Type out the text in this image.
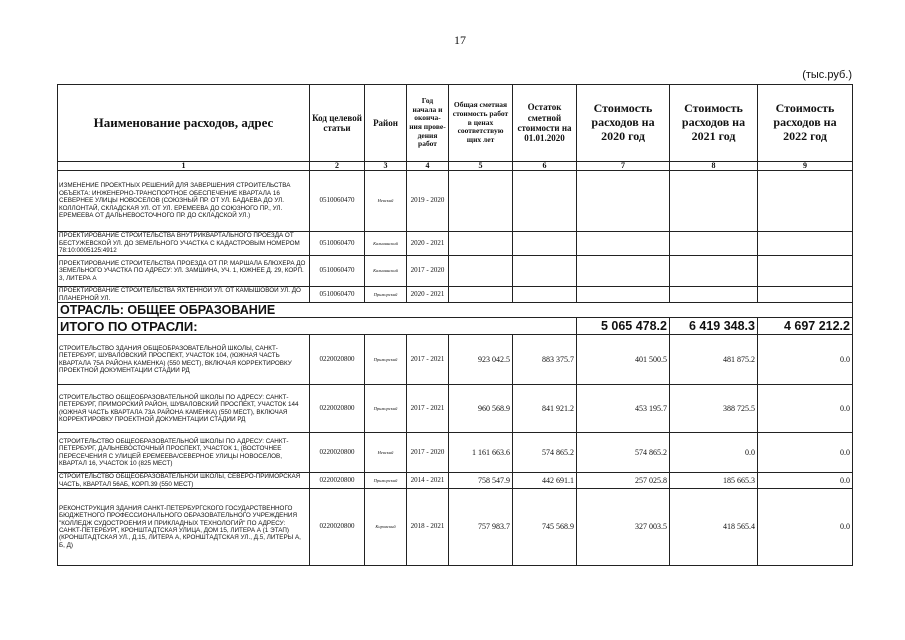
17
(тыс.руб.)
Наименование расходов, адрес	Код целевой статьи	Район	Год начала и оконча- ния прове- дения работ	Общая сметная стоимость работ в ценах соответствую щих лет	Остаток сметной стоимости на 01.01.2020	Стоимость расходов на 2020 год	Стоимость расходов на 2021 год	Стоимость расходов на 2022 год
1	2	3	4	5	6	7	8	9
ИЗМЕНЕНИЕ ПРОЕКТНЫХ РЕШЕНИЙ ДЛЯ ЗАВЕРШЕНИЯ СТРОИТЕЛЬСТВА ОБЪЕКТА: ИНЖЕНЕРНО-ТРАНСПОРТНОЕ ОБЕСПЕЧЕНИЕ КВАРТАЛА 16 СЕВЕРНЕЕ УЛИЦЫ НОВОСЕЛОВ (СОЮЗНЫЙ ПР. ОТ УЛ. БАДАЕВА ДО УЛ. КОЛЛОНТАЙ, СКЛАДСКАЯ УЛ. ОТ УЛ. ЕРЕМЕЕВА ДО СОЮЗНОГО ПР., УЛ. ЕРЕМЕЕВА ОТ ДАЛЬНЕВОСТОЧНОГО ПР. ДО СКЛАДСКОЙ УЛ.)	0510060470	Невский	2019 - 2020					
ПРОЕКТИРОВАНИЕ СТРОИТЕЛЬСТВА ВНУТРИКВАРТАЛЬНОГО ПРОЕЗДА ОТ БЕСТУЖЕВСКОЙ УЛ. ДО ЗЕМЕЛЬНОГО УЧАСТКА С КАДАСТРОВЫМ НОМЕРОМ 78:10:0005125:4912	0510060470	Калининский	2020 - 2021					
ПРОЕКТИРОВАНИЕ СТРОИТЕЛЬСТВА ПРОЕЗДА ОТ ПР. МАРШАЛА БЛЮХЕРА ДО ЗЕМЕЛЬНОГО УЧАСТКА ПО АДРЕСУ: УЛ. ЗАМШИНА, УЧ. 1, ЮЖНЕЕ Д. 29, КОРП. 3, ЛИТЕРА А	0510060470	Калининский	2017 - 2020					
ПРОЕКТИРОВАНИЕ СТРОИТЕЛЬСТВА ЯХТЕННОЙ УЛ. ОТ КАМЫШОВОЙ УЛ. ДО ПЛАНЕРНОЙ УЛ.	0510060470	Приморский	2020 - 2021					
ОТРАСЛЬ: ОБЩЕЕ ОБРАЗОВАНИЕ								
ИТОГО ПО ОТРАСЛИ:						5 065 478.2	6 419 348.3	4 697 212.2
СТРОИТЕЛЬСТВО ЗДАНИЯ ОБЩЕОБРАЗОВАТЕЛЬНОЙ ШКОЛЫ, САНКТ-ПЕТЕРБУРГ, ШУВАЛОВСКИЙ ПРОСПЕКТ, УЧАСТОК 104, (ЮЖНАЯ ЧАСТЬ КВАРТАЛА 75А РАЙОНА КАМЕНКА) (550 МЕСТ), ВКЛЮЧАЯ КОРРЕКТИРОВКУ ПРОЕКТНОЙ ДОКУМЕНТАЦИИ СТАДИИ РД	0220020800	Приморский	2017 - 2021	923 042.5	883 375.7	401 500.5	481 875.2	0.0
СТРОИТЕЛЬСТВО ОБЩЕОБРАЗОВАТЕЛЬНОЙ ШКОЛЫ ПО АДРЕСУ: САНКТ-ПЕТЕРБУРГ, ПРИМОРСКИЙ РАЙОН, ШУВАЛОВСКИЙ ПРОСПЕКТ, УЧАСТОК 144 (ЮЖНАЯ ЧАСТЬ КВАРТАЛА 73А РАЙОНА КАМЕНКА) (550 МЕСТ), ВКЛЮЧАЯ КОРРЕКТИРОВКУ ПРОЕКТНОЙ ДОКУМЕНТАЦИИ СТАДИИ РД	0220020800	Приморский	2017 - 2021	960 568.9	841 921.2	453 195.7	388 725.5	0.0
СТРОИТЕЛЬСТВО ОБЩЕОБРАЗОВАТЕЛЬНОЙ ШКОЛЫ ПО АДРЕСУ: САНКТ-ПЕТЕРБУРГ, ДАЛЬНЕВОСТОЧНЫЙ ПРОСПЕКТ, УЧАСТОК 1, (ВОСТОЧНЕЕ ПЕРЕСЕЧЕНИЯ С УЛИЦЕЙ ЕРЕМЕЕВА/СЕВЕРНОЕ УЛИЦЫ НОВОСЕЛОВ, КВАРТАЛ 16, УЧАСТОК 10 (825 МЕСТ)	0220020800	Невский	2017 - 2020	1 161 663.6	574 865.2	574 865.2	0.0	0.0
СТРОИТЕЛЬСТВО ОБЩЕОБРАЗОВАТЕЛЬНОЙ ШКОЛЫ, СЕВЕРО-ПРИМОРСКАЯ ЧАСТЬ, КВАРТАЛ 56АБ, КОРП.39 (550 МЕСТ)	0220020800	Приморский	2014 - 2021	758 547.9	442 691.1	257 025.8	185 665.3	0.0
РЕКОНСТРУКЦИЯ ЗДАНИЯ САНКТ-ПЕТЕРБУРГСКОГО ГОСУДАРСТВЕННОГО БЮДЖЕТНОГО ПРОФЕССИОНАЛЬНОГО ОБРАЗОВАТЕЛЬНОГО УЧРЕЖДЕНИЯ "КОЛЛЕДЖ СУДОСТРОЕНИЯ И ПРИКЛАДНЫХ ТЕХНОЛОГИЙ" ПО АДРЕСУ: САНКТ-ПЕТЕРБУРГ, КРОНШТАДТСКАЯ УЛИЦА, ДОМ 15, ЛИТЕРА А (1 ЭТАП) (КРОНШТАДТСКАЯ УЛ., Д.15, ЛИТЕРА А, КРОНШТАДТСКАЯ УЛ., Д.5, ЛИТЕРЫ А, Б, Д)	0220020800	Кировский	2018 - 2021	757 983.7	745 568.9	327 003.5	418 565.4	0.0
